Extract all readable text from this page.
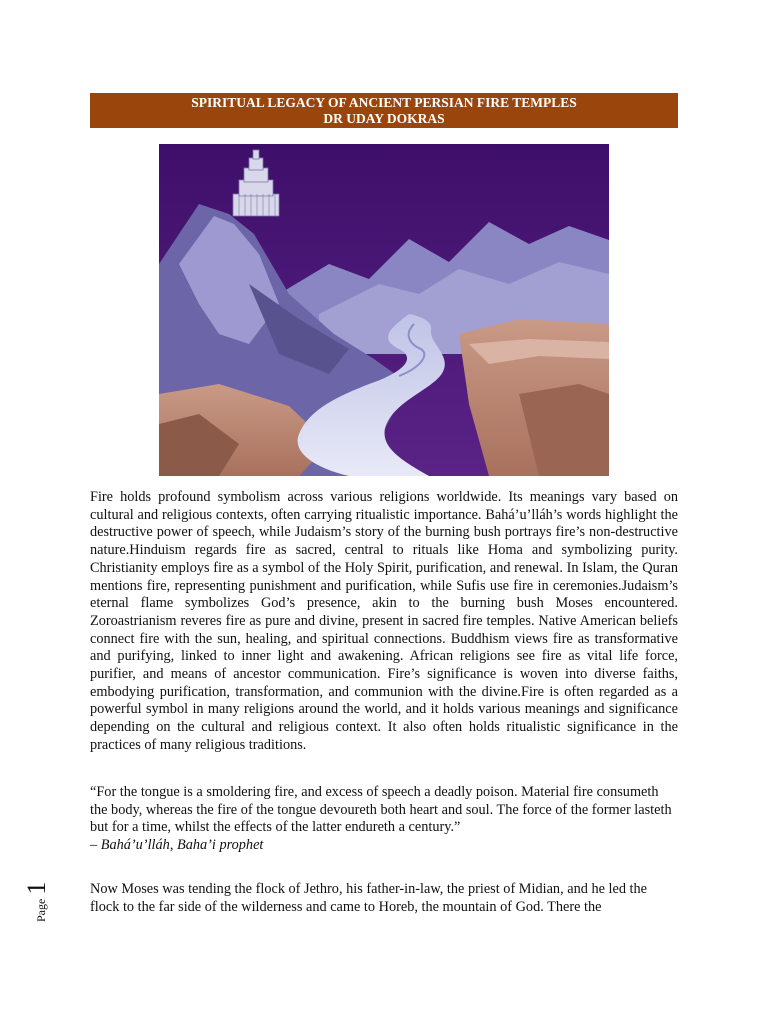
SPIRITUAL LEGACY OF ANCIENT PERSIAN FIRE TEMPLES
DR UDAY DOKRAS

Fire holds profound symbolism across various religions worldwide. Its meanings vary based on cultural and religious contexts, often carrying ritualistic importance. Bahá’u’lláh’s words highlight the destructive power of speech, while Judaism’s story of the burning bush portrays fire’s non-destructive nature.Hinduism regards fire as sacred, central to rituals like Homa and symbolizing purity. Christianity employs fire as a symbol of the Holy Spirit, purification, and renewal. In Islam, the Quran mentions fire, representing punishment and purification, while Sufis use fire in ceremonies.Judaism’s eternal flame symbolizes God’s presence, akin to the burning bush Moses encountered. Zoroastrianism reveres fire as pure and divine, present in sacred fire temples. Native American beliefs connect fire with the sun, healing, and spiritual connections. Buddhism views fire as transformative and purifying, linked to inner light and awakening. African religions see fire as vital life force, purifier, and means of ancestor communication. Fire’s significance is woven into diverse faiths, embodying purification, transformation, and communion with the divine.Fire is often regarded as a powerful symbol in many religions around the world, and it holds various meanings and significance depending on the cultural and religious context. It also often holds ritualistic significance in the practices of many religious traditions.

“For the tongue is a smoldering fire, and excess of speech a deadly poison. Material fire consumeth the body, whereas the fire of the tongue devoureth both heart and soul. The force of the former lasteth but for a time, whilst the effects of the latter endureth a century.”
– Bahá’u’lláh, Baha’i prophet

Now Moses was tending the flock of Jethro, his father-in-law, the priest of Midian, and he led the flock to the far side of the wilderness and came to Horeb, the mountain of God. There the

Page 1
